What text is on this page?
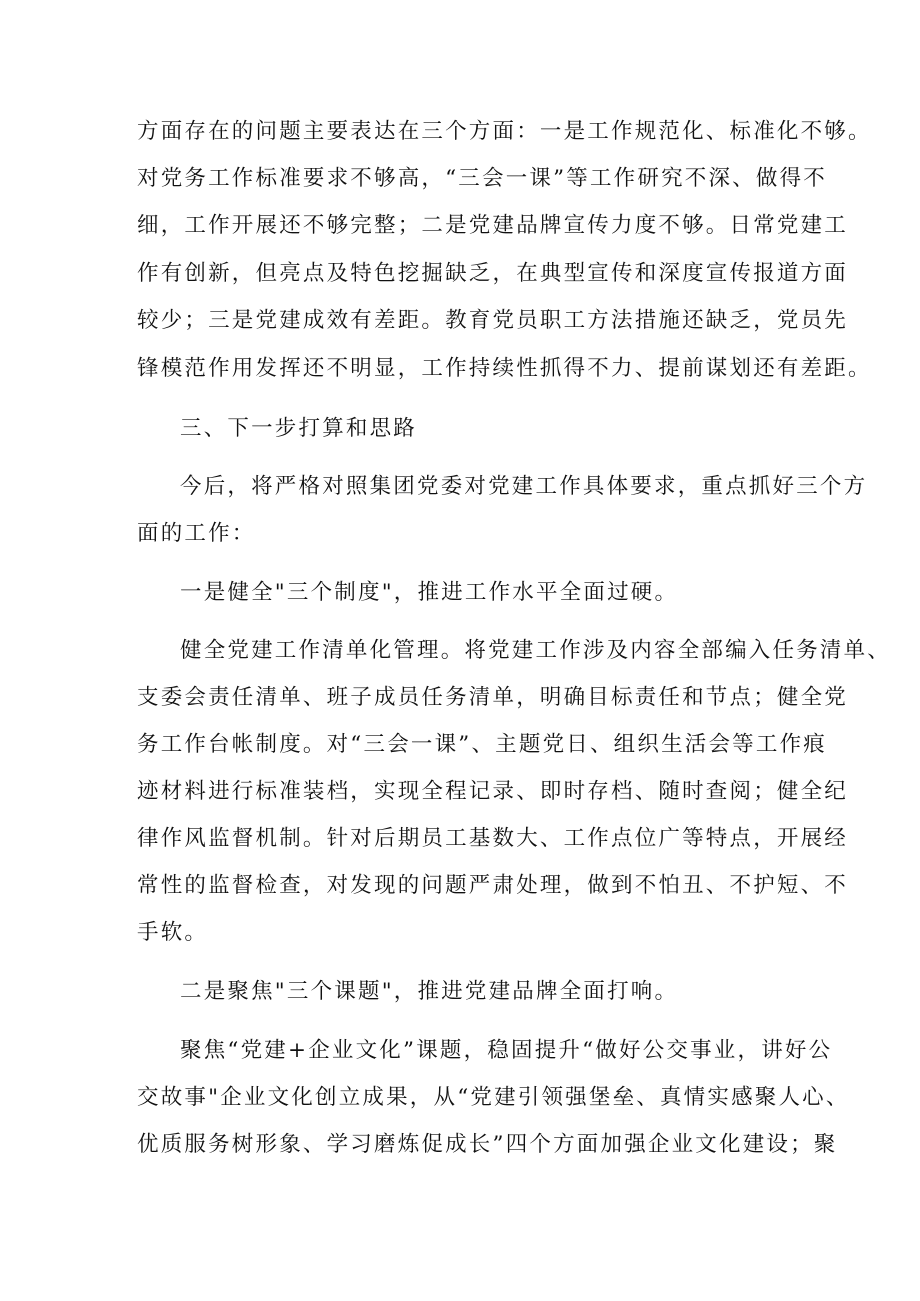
方面存在的问题主要表达在三个方面：一是工作规范化、标准化不够。

对党务工作标准要求不够高，“三会一课”等工作研究不深、做得不

细，工作开展还不够完整；二是党建品牌宣传力度不够。日常党建工

作有创新，但亮点及特色挖掘缺乏，在典型宣传和深度宣传报道方面

较少；三是党建成效有差距。教育党员职工方法措施还缺乏，党员先

锋模范作用发挥还不明显，工作持续性抓得不力、提前谋划还有差距。

三、下一步打算和思路

今后，将严格对照集团党委对党建工作具体要求，重点抓好三个方

面的工作：

一是健全"三个制度"，推进工作水平全面过硬。

健全党建工作清单化管理。将党建工作涉及内容全部编入任务清单、

支委会责任清单、班子成员任务清单，明确目标责任和节点；健全党

务工作台帐制度。对“三会一课”、主题党日、组织生活会等工作痕

迹材料进行标准装档，实现全程记录、即时存档、随时查阅；健全纪

律作风监督机制。针对后期员工基数大、工作点位广等特点，开展经

常性的监督检查，对发现的问题严肃处理，做到不怕丑、不护短、不

手软。

二是聚焦"三个课题"，推进党建品牌全面打响。

聚焦“党建+企业文化”课题，稳固提升“做好公交事业，讲好公

交故事"企业文化创立成果，从“党建引领强堡垒、真情实感聚人心、

优质服务树形象、学习磨炼促成长”四个方面加强企业文化建设；聚
